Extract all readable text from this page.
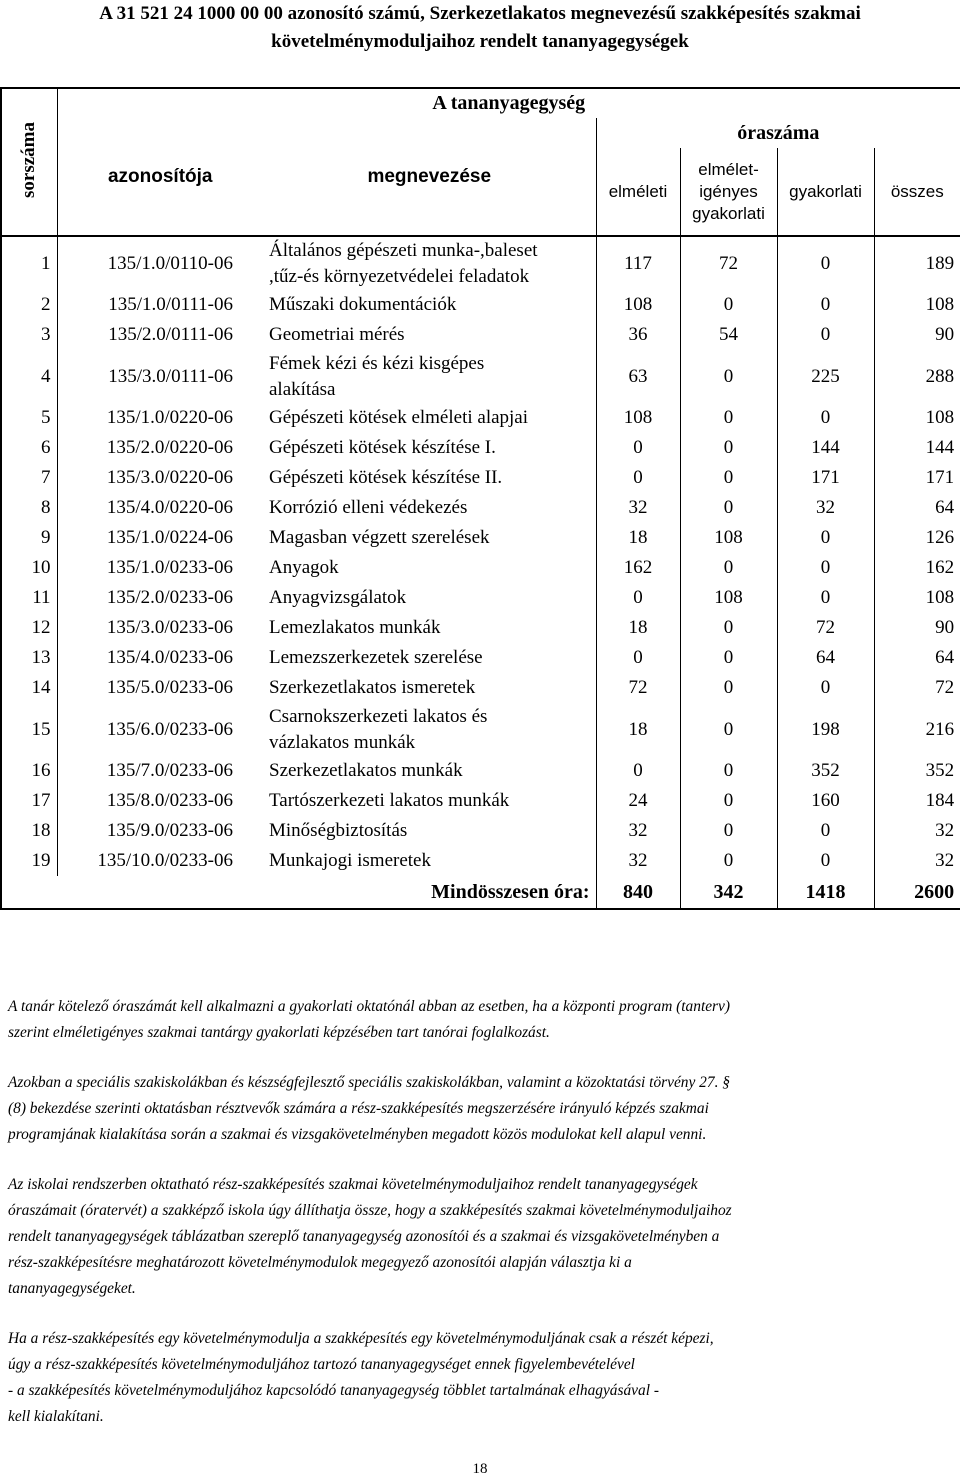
A 31 521 24 1000 00 00 azonosító számú, Szerkezetlakatos megnevezésű szakképesítés szakmai
követelménymoduljaihoz rendelt tananyagegységek
sorszáma	A tananyagegység					
	azonosítója	megnevezése	óraszáma			
			elméleti	elmélet-
igényes
gyakorlati	gyakorlati	összes
1	135/1.0/0110-06	Általános gépészeti munka-,baleset
,tűz-és környezetvédelei feladatok	117	72	0	189
2	135/1.0/0111-06	Műszaki dokumentációk	108	0	0	108
3	135/2.0/0111-06	Geometriai mérés	36	54	0	90
4	135/3.0/0111-06	Fémek kézi és kézi kisgépes
alakítása	63	0	225	288
5	135/1.0/0220-06	Gépészeti kötések elméleti alapjai	108	0	0	108
6	135/2.0/0220-06	Gépészeti kötések készítése I.	0	0	144	144
7	135/3.0/0220-06	Gépészeti kötések készítése II.	0	0	171	171
8	135/4.0/0220-06	Korrózió elleni védekezés	32	0	32	64
9	135/1.0/0224-06	Magasban végzett szerelések	18	108	0	126
10	135/1.0/0233-06	Anyagok	162	0	0	162
11	135/2.0/0233-06	Anyagvizsgálatok	0	108	0	108
12	135/3.0/0233-06	Lemezlakatos munkák	18	0	72	90
13	135/4.0/0233-06	Lemezszerkezetek szerelése	0	0	64	64
14	135/5.0/0233-06	Szerkezetlakatos ismeretek	72	0	0	72
15	135/6.0/0233-06	Csarnokszerkezeti lakatos és
vázlakatos munkák	18	0	198	216
16	135/7.0/0233-06	Szerkezetlakatos munkák	0	0	352	352
17	135/8.0/0233-06	Tartószerkezeti lakatos munkák	24	0	160	184
18	135/9.0/0233-06	Minőségbiztosítás	32	0	0	32
19	135/10.0/0233-06	Munkajogi ismeretek	32	0	0	32
		Mindösszesen óra:	840	342	1418	2600

A tanár kötelező óraszámát kell alkalmazni a gyakorlati oktatónál abban az esetben, ha a központi program (tanterv)
szerint elméletigényes szakmai tantárgy gyakorlati képzésében tart tanórai foglalkozást.

Azokban a speciális szakiskolákban és készségfejlesztő speciális szakiskolákban, valamint a közoktatási törvény 27. §
(8) bekezdése szerinti oktatásban résztvevők számára a rész-szakképesítés megszerzésére irányuló képzés szakmai
programjának kialakítása során a szakmai és vizsgakövetelményben megadott közös modulokat kell alapul venni.

Az iskolai rendszerben oktatható rész-szakképesítés szakmai követelménymoduljaihoz rendelt tananyagegységek
óraszámait (óratervét) a szakképző iskola úgy állíthatja össze, hogy a szakképesítés szakmai követelménymoduljaihoz
rendelt tananyagegységek táblázatban szereplő tananyagegység azonosítói és a szakmai és vizsgakövetelményben a
rész-szakképesítésre meghatározott követelménymodulok megegyező azonosítói alapján választja ki a
tananyagegységeket.

Ha a rész-szakképesítés egy követelménymodulja a szakképesítés egy követelménymoduljának csak a részét képezi,
úgy a rész-szakképesítés követelménymoduljához tartozó tananyagegységet ennek figyelembevételével
- a szakképesítés követelménymoduljához kapcsolódó tananyagegység többlet tartalmának elhagyásával -
kell kialakítani.

18
